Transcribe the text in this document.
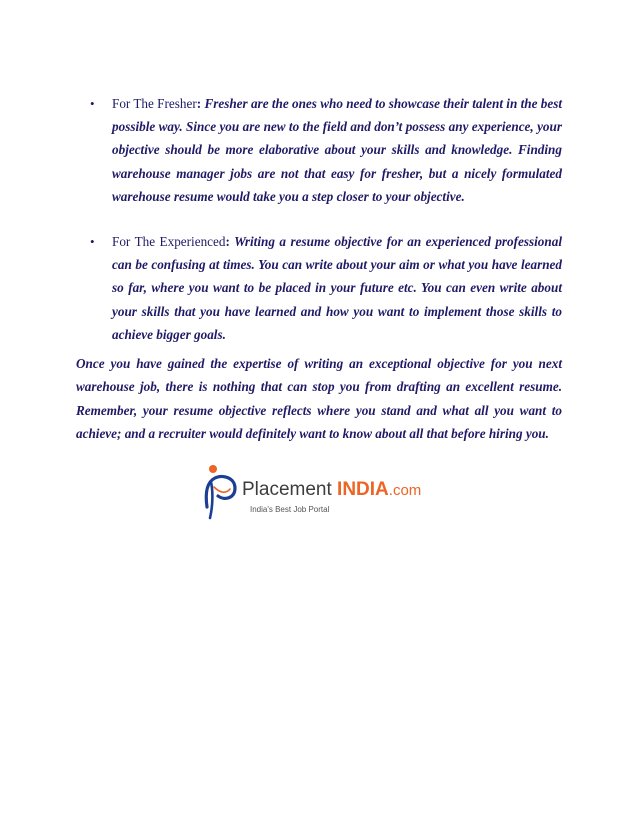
• For The Fresher: Fresher are the ones who need to showcase their talent in the best possible way. Since you are new to the field and don’t possess any experience, your objective should be more elaborative about your skills and knowledge. Finding warehouse manager jobs are not that easy for fresher, but a nicely formulated warehouse resume would take you a step closer to your objective.

• For The Experienced: Writing a resume objective for an experienced professional can be confusing at times. You can write about your aim or what you have learned so far, where you want to be placed in your future etc. You can even write about your skills that you have learned and how you want to implement those skills to achieve bigger goals.

Once you have gained the expertise of writing an exceptional objective for you next warehouse job, there is nothing that can stop you from drafting an excellent resume. Remember, your resume objective reflects where you stand and what all you want to achieve; and a recruiter would definitely want to know about all that before hiring you.

Placement INDIA.com
India's Best Job Portal
